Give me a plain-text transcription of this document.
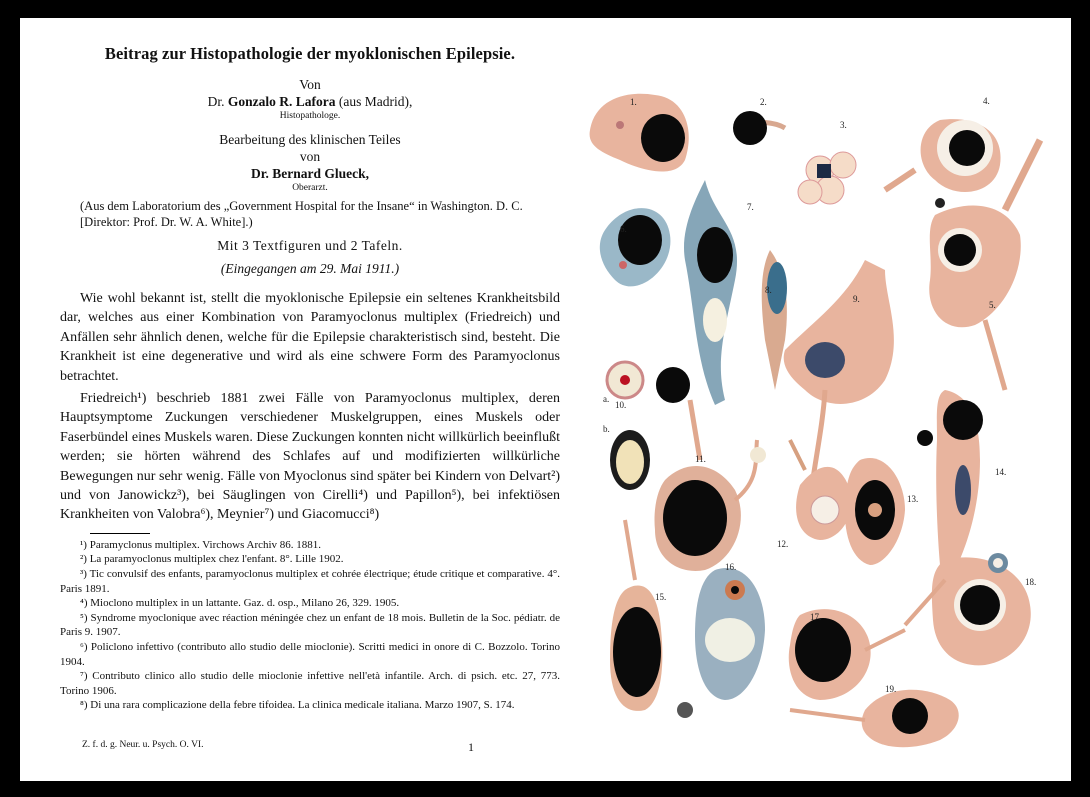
Beitrag zur Histopathologie der myoklonischen Epilepsie.
Von
Dr. Gonzalo R. Lafora (aus Madrid),
Histopathologe.
Bearbeitung des klinischen Teiles
von
Dr. Bernard Glueck,
Oberarzt.
(Aus dem Laboratorium des „Government Hospital for the Insane“ in Washington. D. C. [Direktor: Prof. Dr. W. A. White].)
Mit 3 Textfiguren und 2 Tafeln.
(Eingegangen am 29. Mai 1911.)

Wie wohl bekannt ist, stellt die myoklonische Epilepsie ein seltenes Krankheitsbild dar, welches aus einer Kombination von Paramyoclonus multiplex (Friedreich) und Anfällen sehr ähnlich denen, welche für die Epilepsie charakteristisch sind, besteht. Die Krankheit ist eine degenerative und wird als eine schwere Form des Paramyoclonus betrachtet.

Friedreich¹) beschrieb 1881 zwei Fälle von Paramyoclonus multiplex, deren Hauptsymptome Zuckungen verschiedener Muskelgruppen, eines Muskels oder Faserbündel eines Muskels waren. Diese Zuckungen konnten nicht willkürlich beeinflußt werden; sie hörten während des Schlafes auf und modifizierten willkürliche Bewegungen nur sehr wenig. Fälle von Myoclonus sind später bei Kindern von Delvart²) und von Janowickz³), bei Säuglingen von Cirelli⁴) und Papillon⁵), bei infektiösen Krankheiten von Valobra⁶), Meynier⁷) und Giacomucci⁸)

¹) Paramyclonus multiplex. Virchows Archiv 86. 1881.
²) La paramyoclonus multiplex chez l'enfant. 8°. Lille 1902.
³) Tic convulsif des enfants, paramyoclonus multiplex et cohrée électrique; étude critique et comparative. 4°. Paris 1891.
⁴) Mioclono multiplex in un lattante. Gaz. d. osp., Milano 26, 329. 1905.
⁵) Syndrome myoclonique avec réaction méningée chez un enfant de 18 mois. Bulletin de la Soc. pédiatr. de Paris 9. 1907.
⁶) Policlono infettivo (contributo allo studio delle mioclonie). Scritti medici in onore di C. Bozzolo. Torino 1904.
⁷) Contributo clinico allo studio delle mioclonie infettive nell'età infantile. Arch. di psich. etc. 27, 773. Torino 1906.
⁸) Di una rara complicazione della febre tifoidea. La clinica medicale italiana. Marzo 1907, S. 174.
Z. f. d. g. Neur. u. Psych. O. VI.	1
1.	2.
3.
4.
5.
6.
7.
8.
9.
10.
11.
12.
13.
14.
15.
16.
17.
18.
19.
a.
b.
